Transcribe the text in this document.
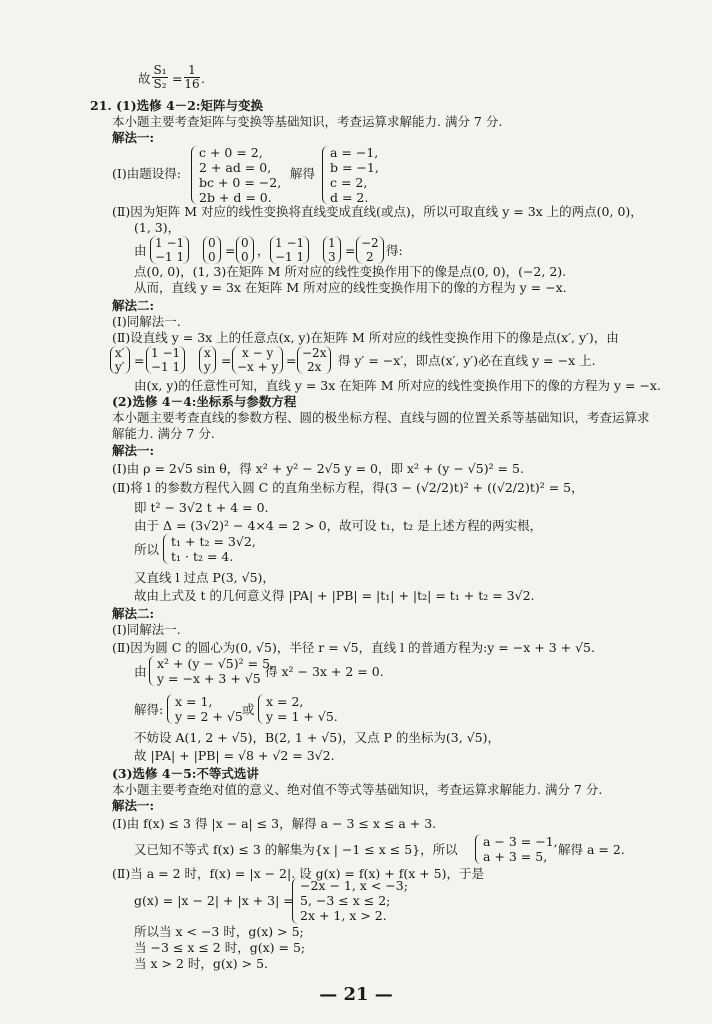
故 $\frac{\text{S₁}}{\text{S₂}} = \frac{1}{16}$ .
21. (1)选修 4－2:矩阵与变换
本小题主要考查矩阵与变换等基础知识，考查运算求解能力. 满分 7 分.
解法一:
(Ⅰ)由题设得:
c + 0 = 2,
2 + ad = 0,
bc + 0 = −2,
2b + d = 0.
解得
a = −1,
b = −1,
c = 2,
d = 2.
(Ⅱ)因为矩阵 M 对应的线性变换将直线变成直线(或点)，所以可取直线 y = 3x 上的两点(0, 0)，
(1, 3)，
由 1 −1
−1 1
0
0 = 0
0 ， 1 −1
−1 1
1
3 = −2
2 得:
点(0, 0)，(1, 3)在矩阵 M 所对应的线性变换作用下的像是点(0, 0)，(−2, 2).
从而，直线 y = 3x 在矩阵 M 所对应的线性变换作用下的像的方程为 y = −x.
解法二:
(Ⅰ)同解法一.
(Ⅱ)设直线 y = 3x 上的任意点(x, y)在矩阵 M 所对应的线性变换作用下的像是点(x′, y′)，由
x′
y′ = 1 −1
−1 1
x
y = x − y
−x + y = −2x
2x	得 y′ = −x′，即点(x′, y′)必在直线 y = −x 上.
由(x, y)的任意性可知，直线 y = 3x 在矩阵 M 所对应的线性变换作用下的像的方程为 y = −x.
(2)选修 4－4:坐标系与参数方程
本小题主要考查直线的参数方程、圆的极坐标方程、直线与圆的位置关系等基础知识，考查运算求
解能力. 满分 7 分.
解法一:
(Ⅰ)由 ρ = 2√5 sin θ，得 x² + y² − 2√5 y = 0，即 x² + (y − √5)² = 5.
(Ⅱ)将 l 的参数方程代入圆 C 的直角坐标方程，得(3 − (√2/2)t)² + ((√2/2)t)² = 5，
即 t² − 3√2 t + 4 = 0.
由于 Δ = (3√2)² − 4×4 = 2 > 0，故可设 t₁，t₂ 是上述方程的两实根，
所以
t₁ + t₂ = 3√2,
t₁ · t₂ = 4.
又直线 l 过点 P(3, √5)，
故由上式及 t 的几何意义得 |PA| + |PB| = |t₁| + |t₂| = t₁ + t₂ = 3√2.
解法二:
(Ⅰ)同解法一.
(Ⅱ)因为圆 C 的圆心为(0, √5)，半径 r = √5，直线 l 的普通方程为:y = −x + 3 + √5.
由
x² + (y − √5)² = 5,
y = −x + 3 + √5 得 x² − 3x + 2 = 0.
解得:
x = 1,
y = 2 + √5 或
x = 2,
y = 1 + √5.
不妨设 A(1, 2 + √5)，B(2, 1 + √5)，又点 P 的坐标为(3, √5)，
故 |PA| + |PB| = √8 + √2 = 3√2.
(3)选修 4－5:不等式选讲
本小题主要考查绝对值的意义、绝对值不等式等基础知识，考查运算求解能力. 满分 7 分.
解法一:
(Ⅰ)由 f(x) ≤ 3 得 |x − a| ≤ 3，解得 a − 3 ≤ x ≤ a + 3.
又已知不等式 f(x) ≤ 3 的解集为{x | −1 ≤ x ≤ 5}，所以
a − 3 = −1,
a + 3 = 5, 解得 a = 2.
(Ⅱ)当 a = 2 时，f(x) = |x − 2|. 设 g(x) = f(x) + f(x + 5)，于是
g(x) = |x − 2| + |x + 3| =
−2x − 1, x < −3;
5, −3 ≤ x ≤ 2;
2x + 1, x > 2.
所以当 x < −3 时，g(x) > 5;
当 −3 ≤ x ≤ 2 时，g(x) = 5;
当 x > 2 时，g(x) > 5.
— 21 —
